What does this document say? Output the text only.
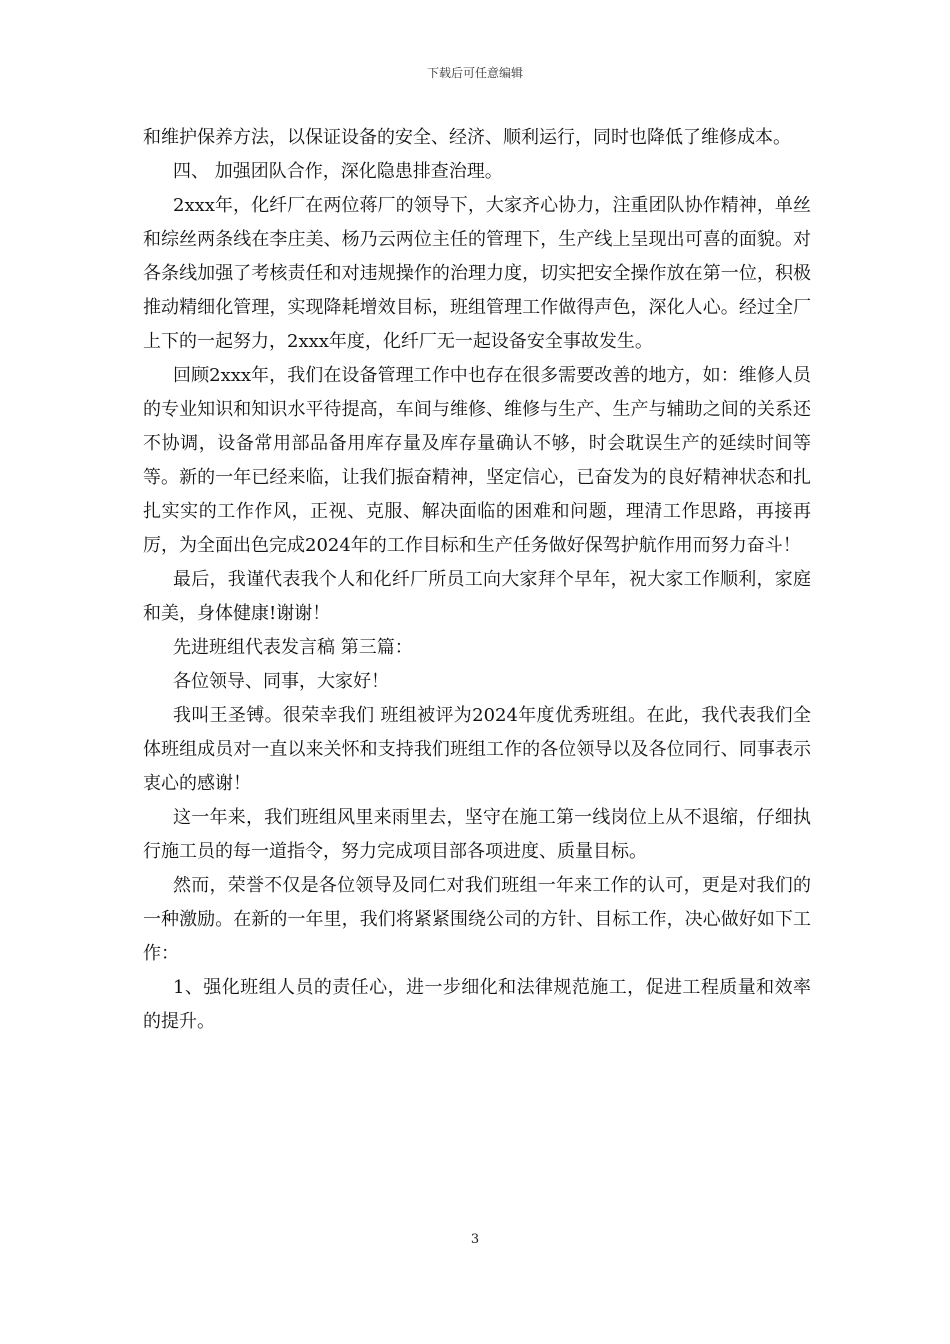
下载后可任意编辑

和维护保养方法，以保证设备的安全、经济、顺利运行，同时也降低了维修成本。

四、 加强团队合作，深化隐患排查治理。

2xxx年，化纤厂在两位蒋厂的领导下，大家齐心协力，注重团队协作精神，单丝和综丝两条线在李庄美、杨乃云两位主任的管理下，生产线上呈现出可喜的面貌。对各条线加强了考核责任和对违规操作的治理力度，切实把安全操作放在第一位，积极推动精细化管理，实现降耗增效目标，班组管理工作做得声色，深化人心。经过全厂上下的一起努力，2xxx年度，化纤厂无一起设备安全事故发生。

回顾2xxx年，我们在设备管理工作中也存在很多需要改善的地方，如：维修人员的专业知识和知识水平待提高，车间与维修、维修与生产、生产与辅助之间的关系还不协调，设备常用部品备用库存量及库存量确认不够，时会耽误生产的延续时间等等。新的一年已经来临，让我们振奋精神，坚定信心，已奋发为的良好精神状态和扎扎实实的工作作风，正视、克服、解决面临的困难和问题，理清工作思路，再接再厉，为全面出色完成2024年的工作目标和生产任务做好保驾护航作用而努力奋斗！

最后，我谨代表我个人和化纤厂所员工向大家拜个早年，祝大家工作顺利，家庭和美，身体健康!谢谢！

先进班组代表发言稿 第三篇：

各位领导、同事，大家好！

我叫王圣镈。很荣幸我们 班组被评为2024年度优秀班组。在此，我代表我们全体班组成员对一直以来关怀和支持我们班组工作的各位领导以及各位同行、同事表示衷心的感谢！

这一年来，我们班组风里来雨里去，坚守在施工第一线岗位上从不退缩，仔细执行施工员的每一道指令，努力完成项目部各项进度、质量目标。

然而，荣誉不仅是各位领导及同仁对我们班组一年来工作的认可，更是对我们的一种激励。在新的一年里，我们将紧紧围绕公司的方针、目标工作，决心做好如下工作：

1、强化班组人员的责任心，进一步细化和法律规范施工，促进工程质量和效率的提升。

3
